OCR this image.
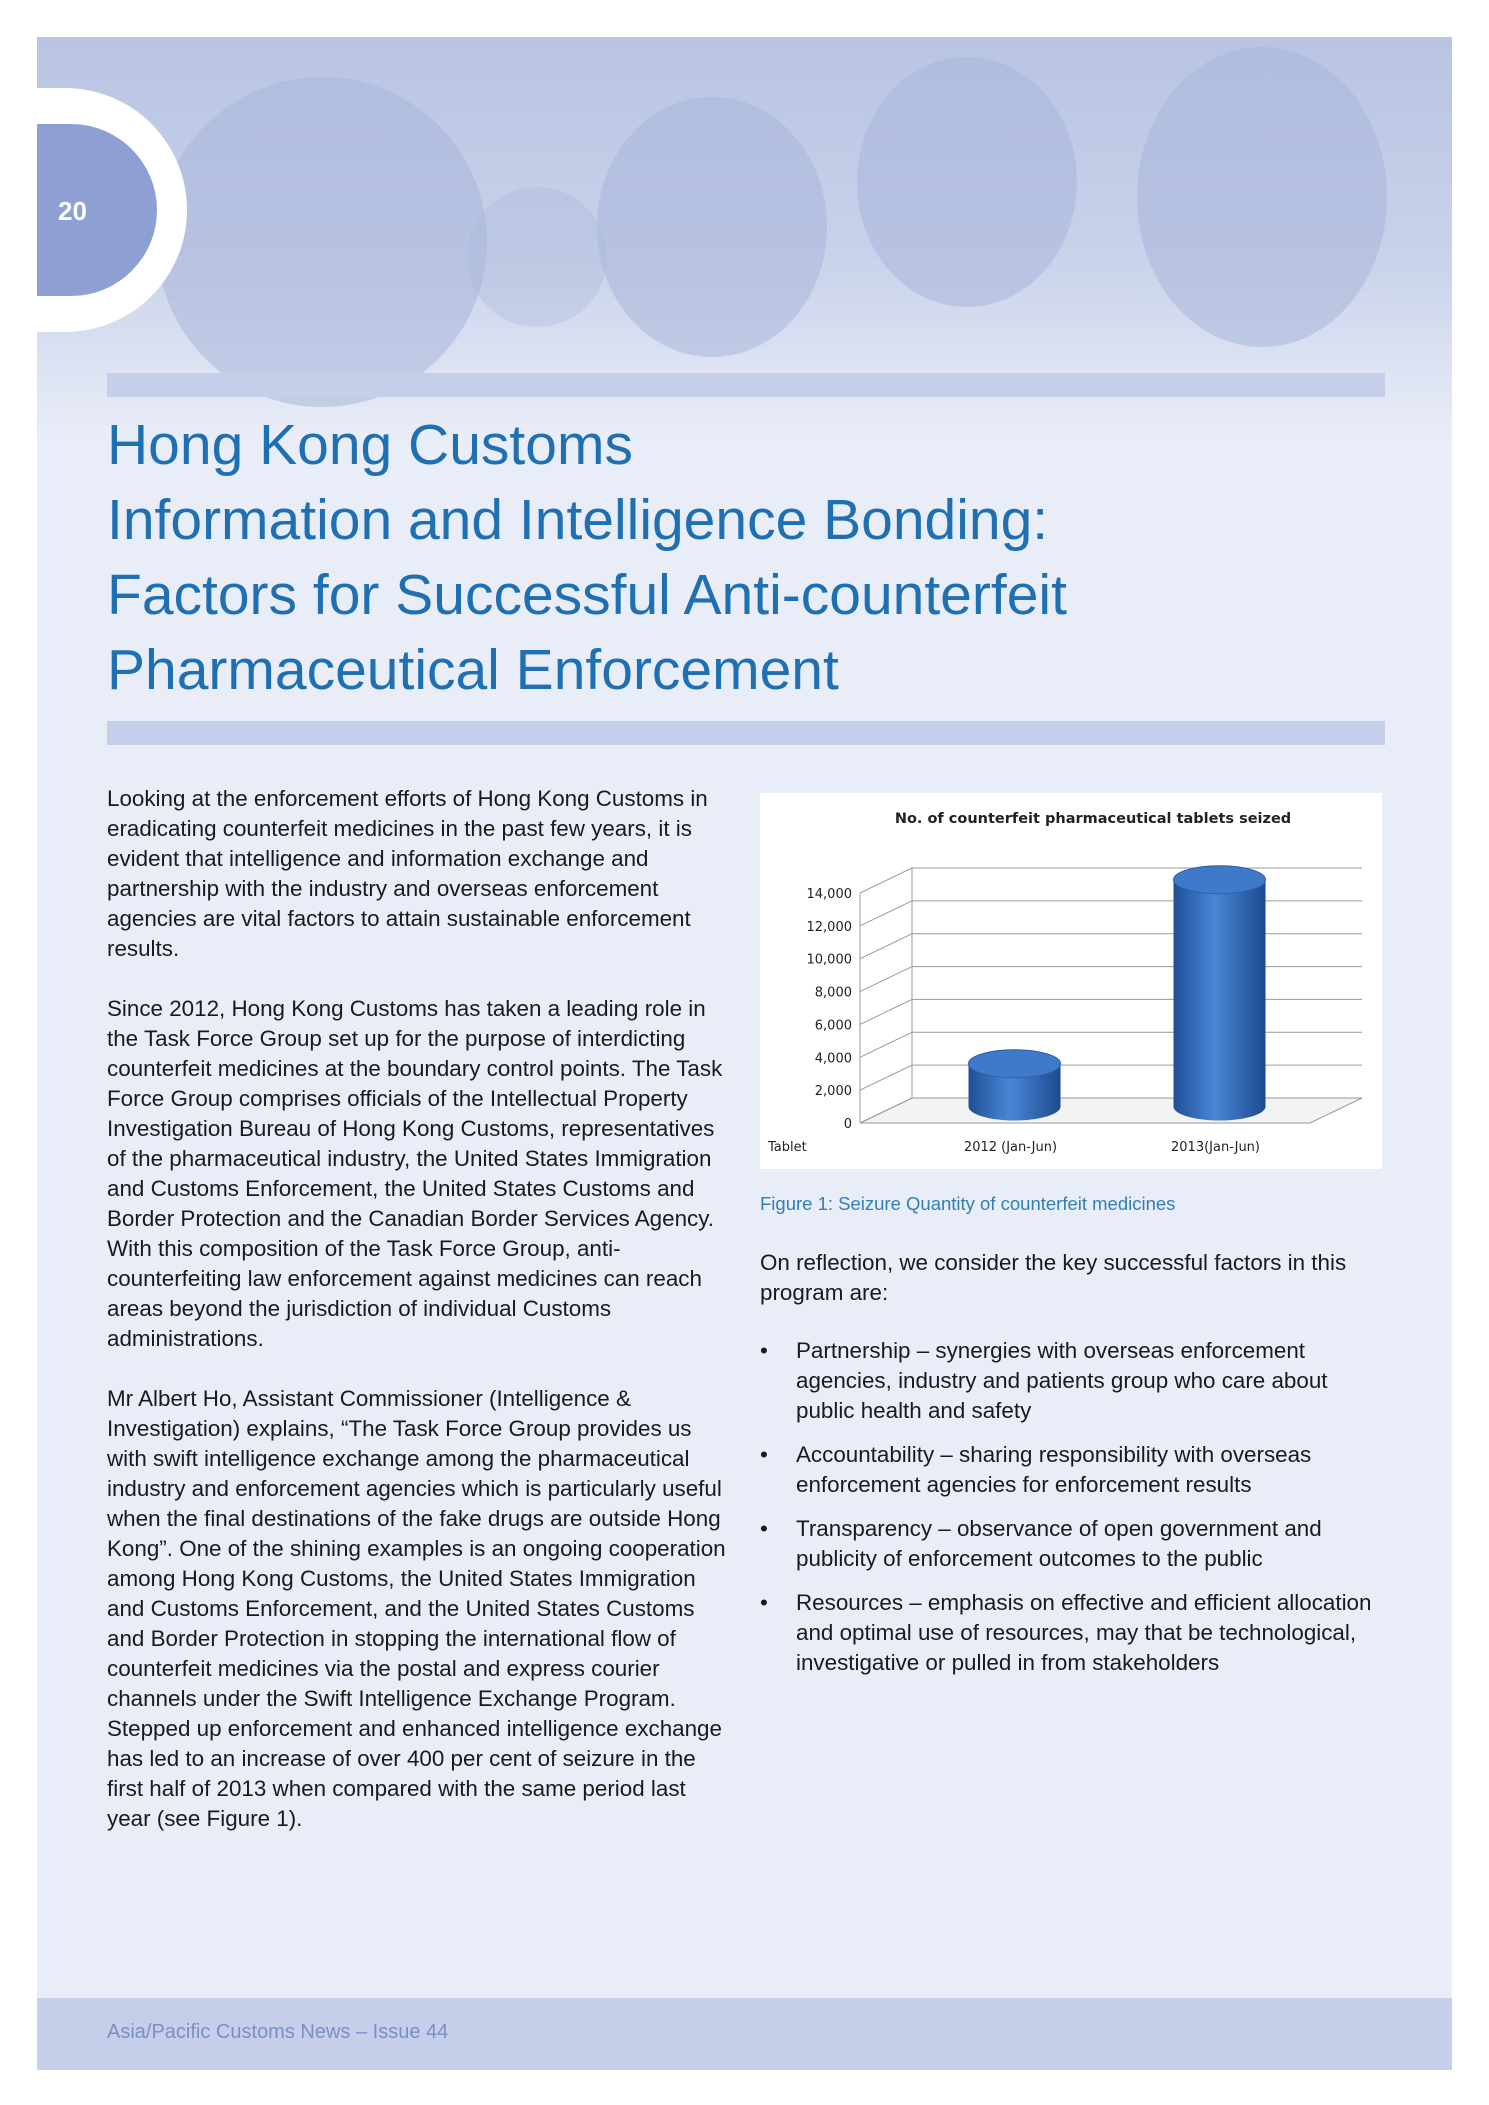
20
Hong Kong Customs
Information and Intelligence Bonding:
Factors for Successful Anti-counterfeit
Pharmaceutical Enforcement

Looking at the enforcement efforts of Hong Kong Customs in eradicating counterfeit medicines in the past few years, it is evident that intelligence and information exchange and partnership with the industry and overseas enforcement agencies are vital factors to attain sustainable enforcement results.

Since 2012, Hong Kong Customs has taken a leading role in the Task Force Group set up for the purpose of interdicting counterfeit medicines at the boundary control points. The Task Force Group comprises officials of the Intellectual Property Investigation Bureau of Hong Kong Customs, representatives of the pharmaceutical industry, the United States Immigration and Customs Enforcement, the United States Customs and Border Protection and the Canadian Border Services Agency. With this composition of the Task Force Group, anti-counterfeiting law enforcement against medicines can reach areas beyond the jurisdiction of individual Customs administrations.

Mr Albert Ho, Assistant Commissioner (Intelligence & Investigation) explains, “The Task Force Group provides us with swift intelligence exchange among the pharmaceutical industry and enforcement agencies which is particularly useful when the final destinations of the fake drugs are outside Hong Kong”. One of the shining examples is an ongoing cooperation among Hong Kong Customs, the United States Immigration and Customs Enforcement, and the United States Customs and Border Protection in stopping the international flow of counterfeit medicines via the postal and express courier channels under the Swift Intelligence Exchange Program. Stepped up enforcement and enhanced intelligence exchange has led to an increase of over 400 per cent of seizure in the first half of 2013 when compared with the same period last year (see Figure 1).

No. of counterfeit pharmaceutical tablets seized
0
2,000
4,000
6,000
8,000
10,000
12,000
14,000
2012 (Jan-Jun)	2013(Jan-Jun)
Tablet
Figure 1: Seizure Quantity of counterfeit medicines

On reflection, we consider the key successful factors in this program are:

• Partnership – synergies with overseas enforcement agencies, industry and patients group who care about public health and safety
• Accountability – sharing responsibility with overseas enforcement agencies for enforcement results
• Transparency – observance of open government and publicity of enforcement outcomes to the public
• Resources – emphasis on effective and efficient allocation and optimal use of resources, may that be technological, investigative or pulled in from stakeholders
Asia/Pacific Customs News – Issue 44
